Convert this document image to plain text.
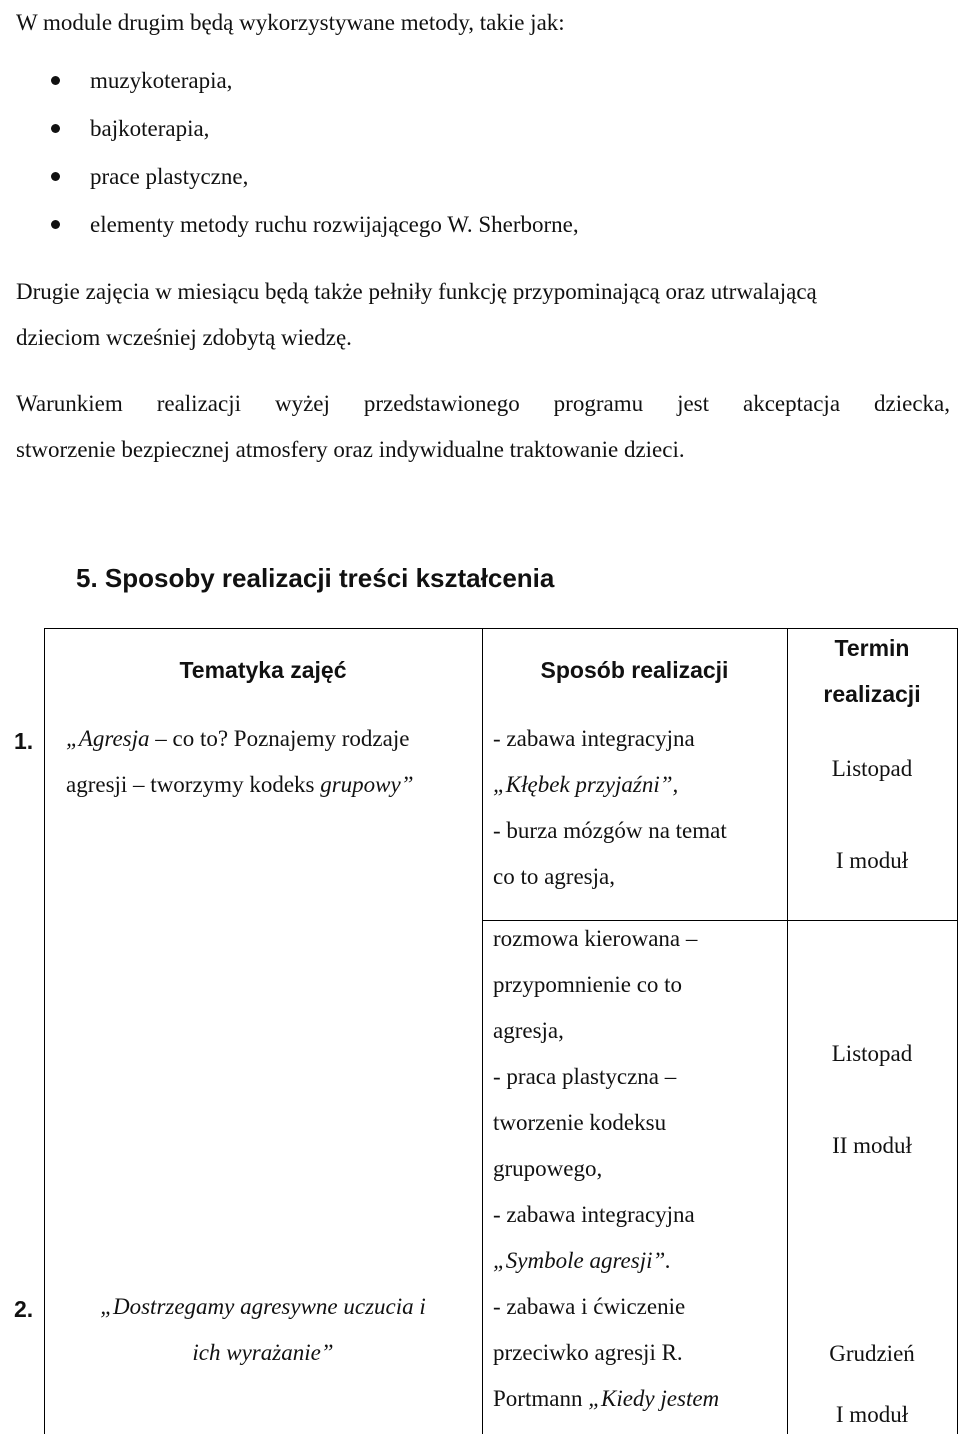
W module drugim będą wykorzystywane metody, takie jak:

muzykoterapia,
bajkoterapia,
prace plastyczne,
elementy metody ruchu rozwijającego W. Sherborne,
Drugie zajęcia w miesiącu będą także pełniły funkcję przypominającą oraz utrwalającą
dzieciom wcześniej zdobytą wiedzę.
Warunkiem realizacji wyżej przedstawionego programu jest akceptacja dziecka,
stworzenie bezpiecznej atmosfery oraz indywidualne traktowanie dzieci.
5. Sposoby realizacji treści kształcenia
Tematyka zajęć	Sposób realizacji
Termin
realizacji
1. „Agresja – co to? Poznajemy rodzaje
agresji – tworzymy kodeks grupowy”
- zabawa integracyjna
„Kłębek przyjaźni”,
- burza mózgów na temat
co to agresja,
Listopad
I moduł
rozmowa kierowana –
przypomnienie co to
agresja,
- praca plastyczna –
tworzenie kodeksu
grupowego,
- zabawa integracyjna
„Symbole agresji”.
Listopad
II moduł
2.	„Dostrzegamy agresywne uczucia i
ich wyrażanie”
- zabawa i ćwiczenie
przeciwko agresji R.
Portmann „Kiedy jestem
Grudzień
I moduł
